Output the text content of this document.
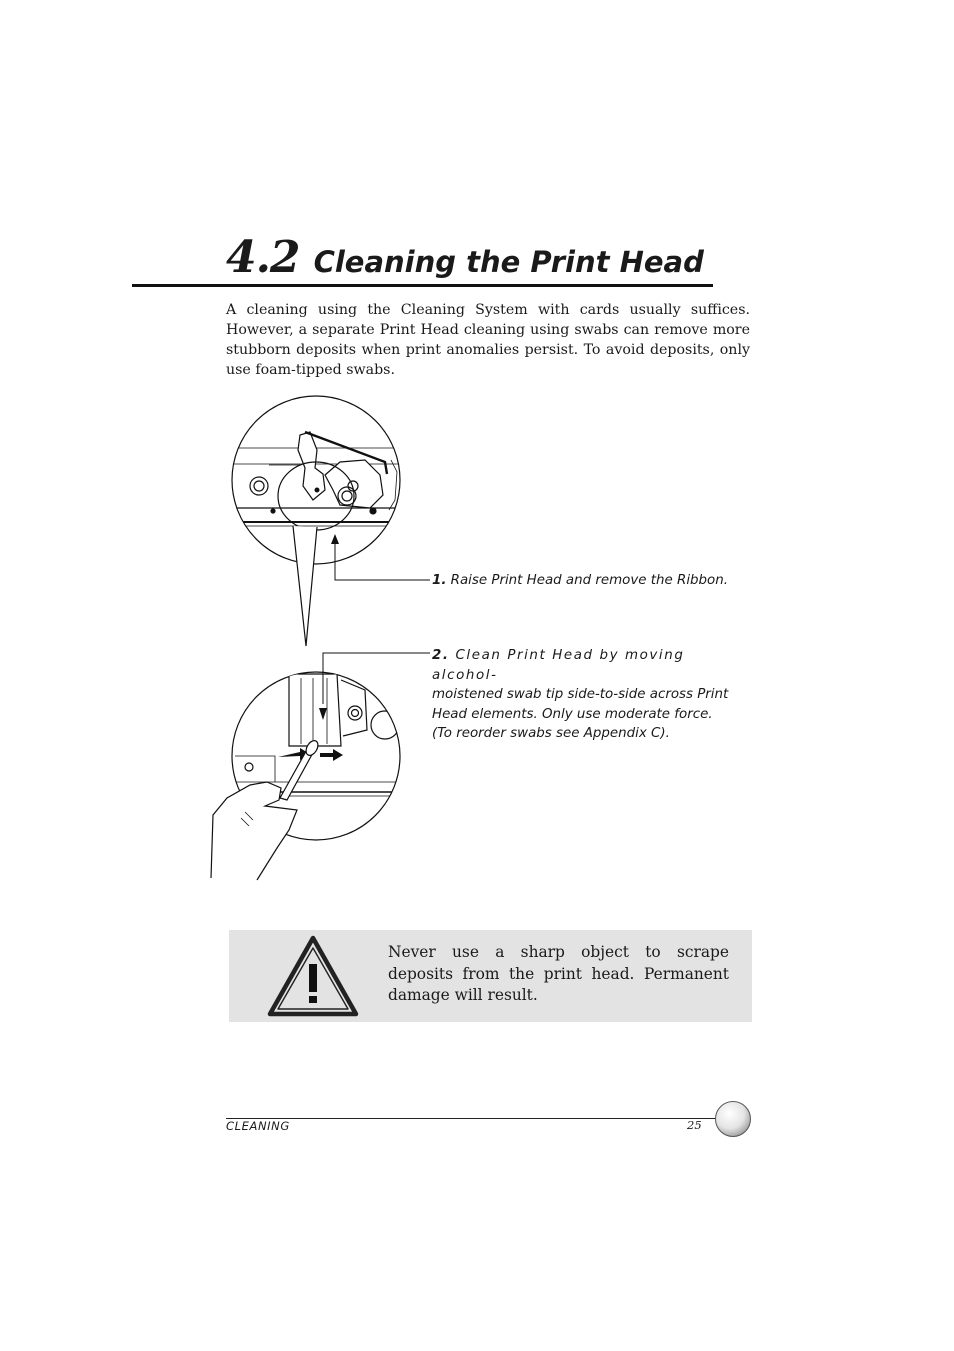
4.2 Cleaning the Print Head

A cleaning using the Cleaning System with cards usually suffices. However, a separate Print Head cleaning using swabs can remove more stubborn deposits when print anomalies persist. To avoid deposits, only use foam-tipped swabs.

1. Raise Print Head and remove the Ribbon.

2. Clean Print Head by moving alcohol-
moistened swab tip side-to-side across Print
Head elements. Only use moderate force.
(To reorder swabs see Appendix C).

Never use a sharp object to scrape deposits from the print head. Permanent damage will result.

CLEANING	25
